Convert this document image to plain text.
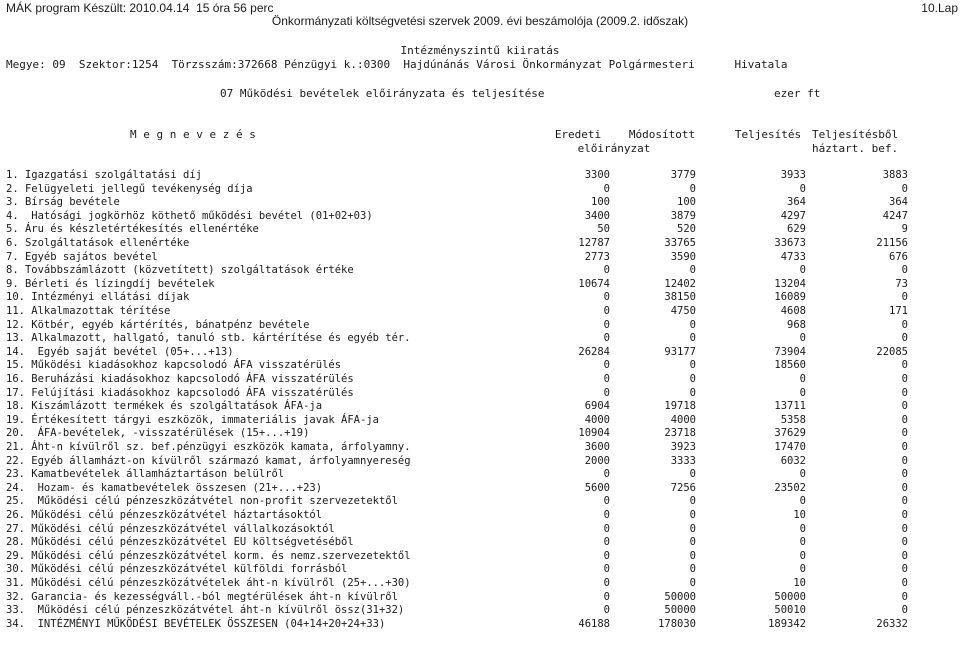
MÁK program Készült: 2010.04.14  15 óra 56 perc	10.Lap
Önkormányzati költségvetési szervek 2009. évi beszámolója (2009.2. időszak)
Intézményszintű kiiratás
Megye: 09  Szektor:1254  Törzsszám:372668 Pénzügyi k.:0300  Hajdúnánás Városi Önkormányzat Polgármesteri      Hivatala
07 Működési bevételek előirányzata és teljesítése	ezer ft
M e g n e v e z é s	Eredeti
előirányzat
Módosított	Teljesítés Teljesítésből
háztart. bef.
1. Igazgatási szolgáltatási díj	3300	3779	3933	3883
2. Felügyeleti jellegű tevékenység díja	0	0	0	0
3. Bírság bevétele	100	100	364	364
4.  Hatósági jogkörhöz köthető működési bevétel (01+02+03)	3400	3879	4297	4247
5. Áru és készletértékesítés ellenértéke	50	520	629	9
6. Szolgáltatások ellenértéke	12787	33765	33673	21156
7. Egyéb sajátos bevétel	2773	3590	4733	676
8. Továbbszámlázott (közvetített) szolgáltatások értéke	0	0	0	0
9. Bérleti és lízingdíj bevételek	10674	12402	13204	73
10. Intézményi ellátási díjak	0	38150	16089	0
11. Alkalmazottak térítése	0	4750	4608	171
12. Kötbér, egyéb kártérítés, bánatpénz bevétele	0	0	968	0
13. Alkalmazott, hallgató, tanuló stb. kártérítése és egyéb tér.	0	0	0	0
14.  Egyéb saját bevétel (05+...+13)	26284	93177	73904	22085
15. Működési kiadásokhoz kapcsolodó ÁFA visszatérülés	0	0	18560	0
16. Beruházási kiadásokhoz kapcsolodó ÁFA visszatérülés	0	0	0	0
17. Felújítási kiadásokhoz kapcsolodó ÁFA visszatérülés	0	0	0	0
18. Kiszámlázott termékek és szolgáltatások ÁFA-ja	6904	19718	13711	0
19. Értékesített tárgyi eszközök, immateriális javak ÁFA-ja	4000	4000	5358	0
20.  ÁFA-bevételek, -visszatérülések (15+...+19)	10904	23718	37629	0
21. Áht-n kívülről sz. bef.pénzügyi eszközök kamata, árfolyamny.	3600	3923	17470	0
22. Egyéb államházt-on kívülről származó kamat, árfolyamnyereség	2000	3333	6032	0
23. Kamatbevételek államháztartáson belülről	0	0	0	0
24.  Hozam- és kamatbevételek összesen (21+...+23)	5600	7256	23502	0
25.  Működési célú pénzeszközátvétel non-profit szervezetektől	0	0	0	0
26. Működési célú pénzeszközátvétel háztartásoktól	0	0	10	0
27. Működési célú pénzeszközátvétel vállalkozásoktól	0	0	0	0
28. Működési célú pénzeszközátvétel EU költségvetéséből	0	0	0	0
29. Működési célú pénzeszközátvétel korm. és nemz.szervezetektől	0	0	0	0
30. Működési célú pénzeszközátvétel külföldi forrásból	0	0	0	0
31. Működési célú pénzeszközátvételek áht-n kívülről (25+...+30)	0	0	10	0
32. Garancia- és kezességváll.-ból megtérülések áht-n kívülről	0	50000	50000	0
33.  Működési célú pénzeszközátvétel áht-n kívülről össz(31+32)	0	50000	50010	0
34.  INTÉZMÉNYI MŰKÖDÉSI BEVÉTELEK ÖSSZESEN (04+14+20+24+33)	46188	178030	189342	26332
